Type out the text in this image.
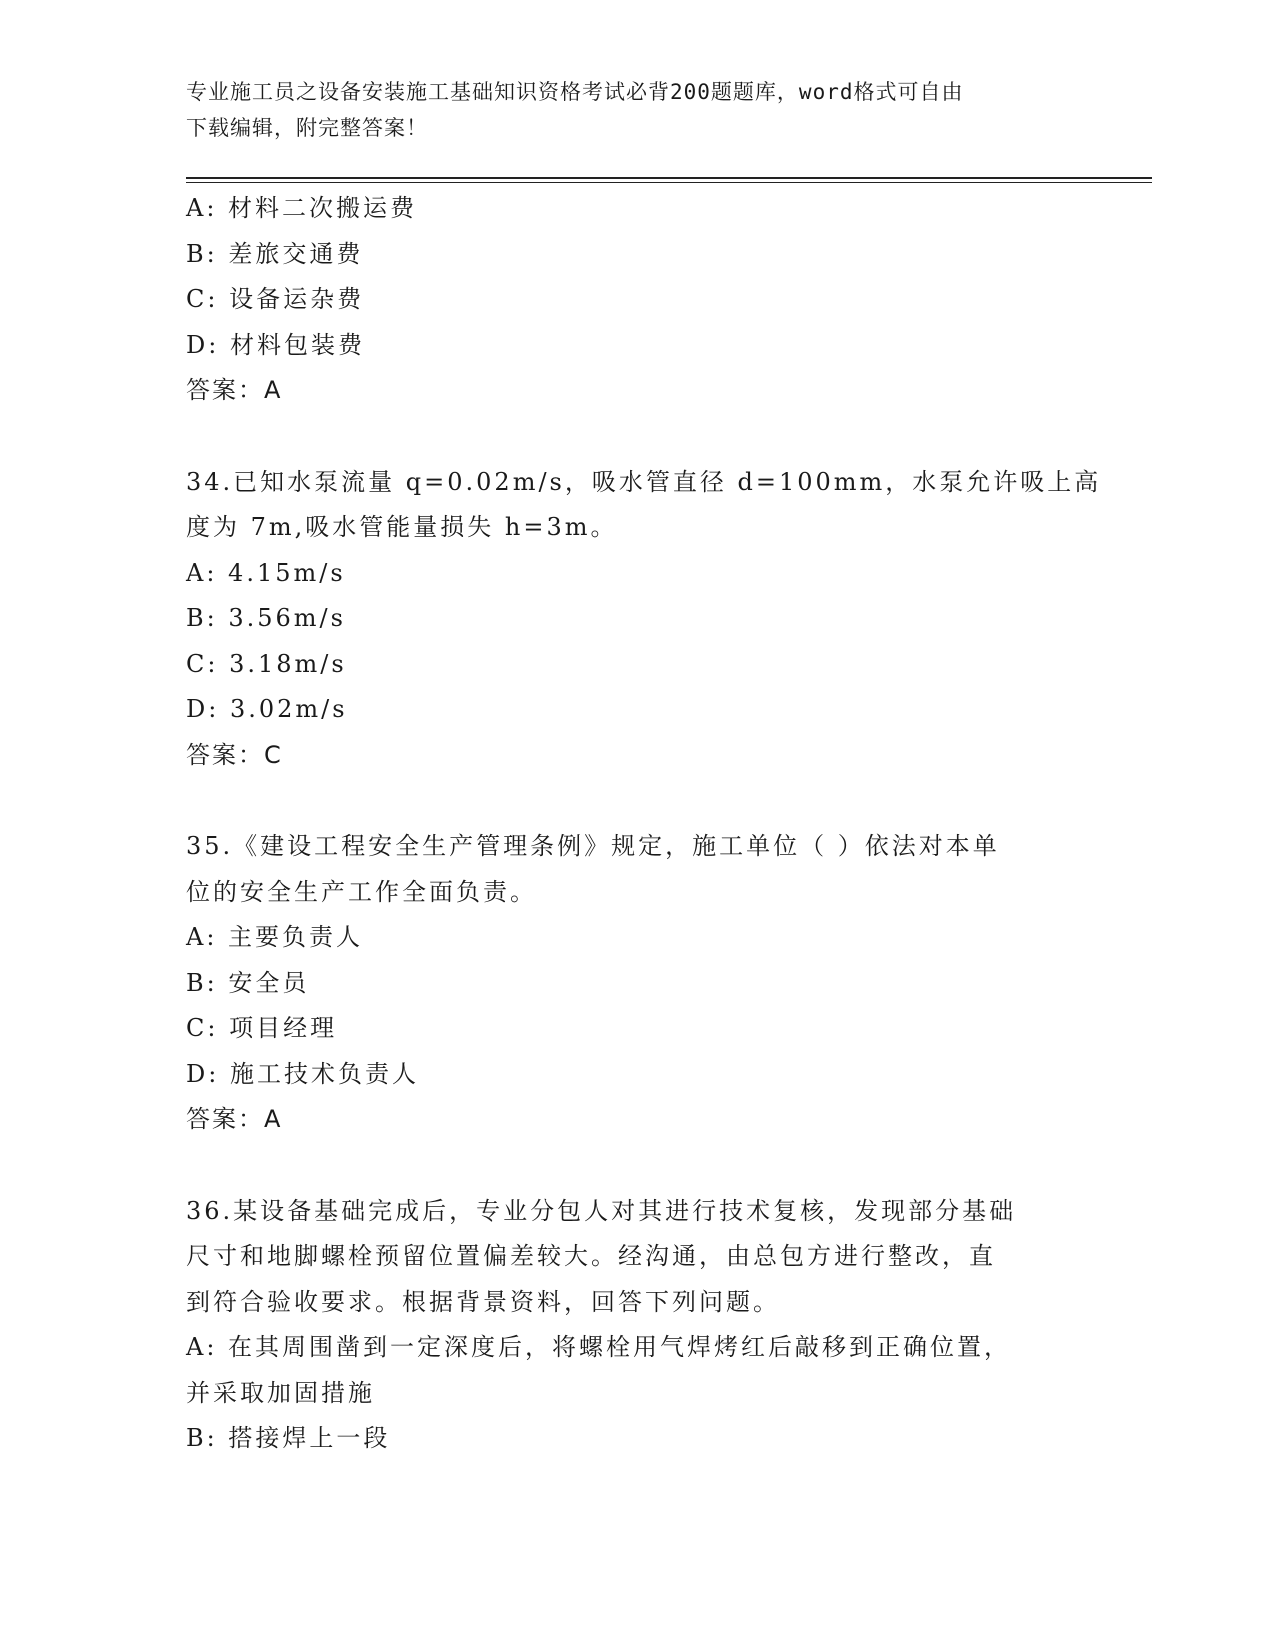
专业施工员之设备安装施工基础知识资格考试必背200题题库，word格式可自由
下载编辑，附完整答案！
A: 材料二次搬运费
B: 差旅交通费
C: 设备运杂费
D: 材料包装费
答案：A
34.已知水泵流量 q=0.02m/s，吸水管直径 d=100mm，水泵允许吸上高
度为 7m,吸水管能量损失 h=3m。
A: 4.15m/s
B: 3.56m/s
C: 3.18m/s
D: 3.02m/s
答案：C
35.《建设工程安全生产管理条例》规定，施工单位（ ）依法对本单
位的安全生产工作全面负责。
A: 主要负责人
B: 安全员
C: 项目经理
D: 施工技术负责人
答案：A
36.某设备基础完成后，专业分包人对其进行技术复核，发现部分基础
尺寸和地脚螺栓预留位置偏差较大。经沟通，由总包方进行整改，直
到符合验收要求。根据背景资料，回答下列问题。
A: 在其周围凿到一定深度后，将螺栓用气焊烤红后敲移到正确位置，
并采取加固措施
B: 搭接焊上一段
